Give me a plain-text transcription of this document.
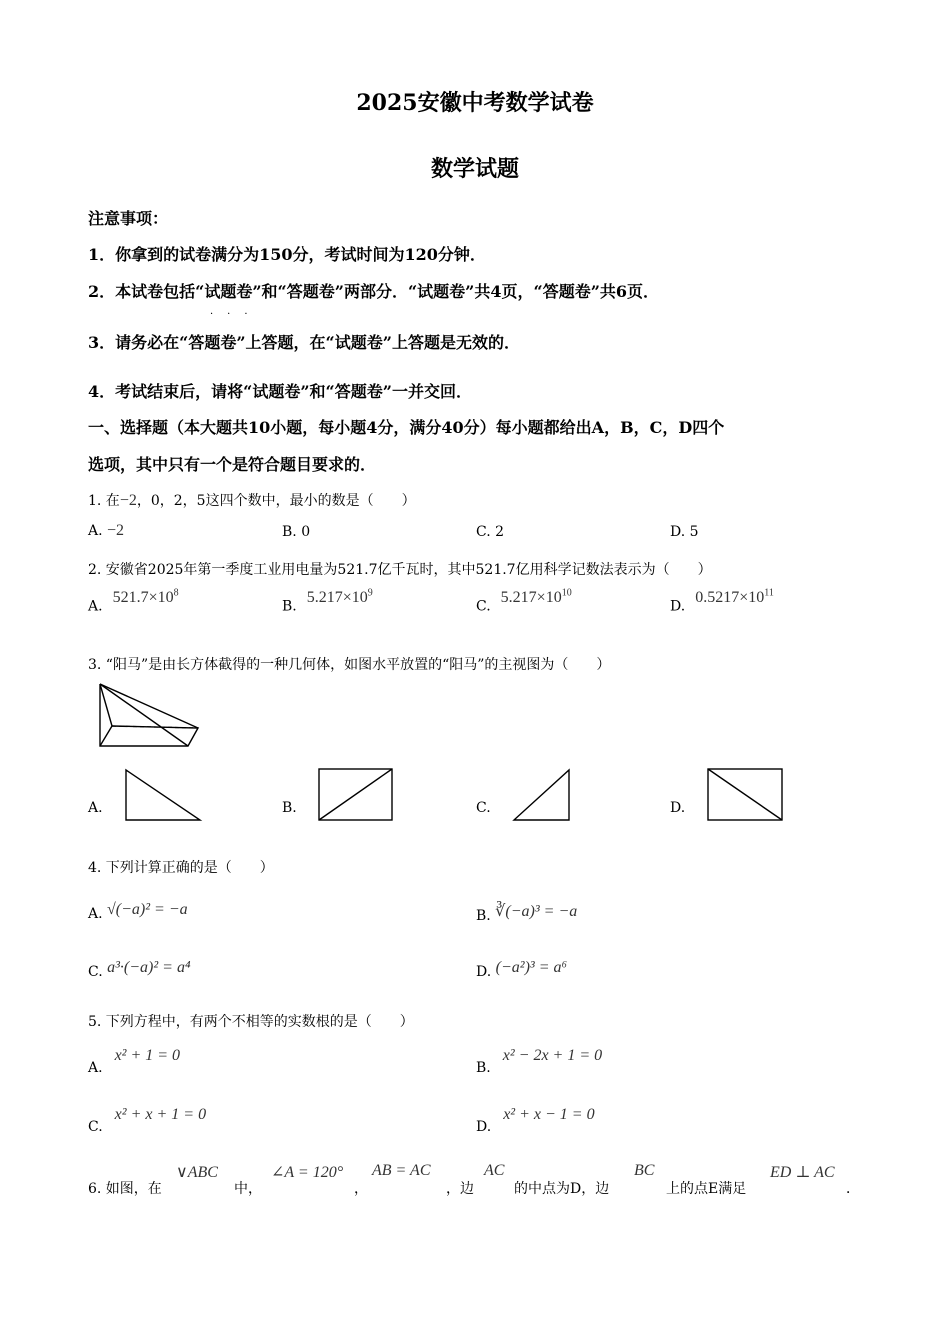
2025安徽中考数学试卷
数学试题
注意事项：
1．你拿到的试卷满分为150分，考试时间为120分钟．
2．本试卷包括“试题卷”和“答题卷”两部分．“试题卷”共4页，“答题卷”共6页．
···
3．请务必在“答题卷”上答题，在“试题卷”上答题是无效的．
4．考试结束后，请将“试题卷”和“答题卷”一并交回．
一、选择题（本大题共10小题，每小题4分，满分40分）每小题都给出A，B，C，D四个
选项，其中只有一个是符合题目要求的．
1. 在−2，0，2，5这四个数中，最小的数是（　　）
A. −2	B. 0	C. 2	D. 5
2. 安徽省2025年第一季度工业用电量为521.7亿千瓦时，其中521.7亿用科学记数法表示为（　　）
A. $521.7\times 10^8$
B. $5.217\times 10^9$
C. $5.217\times 10^{10}$
D. $0.5217\times 10^{11}$
3. “阳马”是由长方体截得的一种几何体，如图水平放置的“阳马”的主视图为（　　）
A.	B.	C.	D.
4. 下列计算正确的是（　　）
A. √(−a)² = −a	B. ∛(−a)³ = −a
C. a³·(−a)² = a⁴	D. (−a²)³ = a⁶
5. 下列方程中，有两个不相等的实数根的是（　　）
A.x² + 1 = 0
B.x² − 2x + 1 = 0
C.x² + x + 1 = 0
D.x² + x − 1 = 0
6. 如图，在
∨ABC
中，
∠A = 120°
，
AB = AC
，边
AC
的中点为D，边
BC
上的点E满足
ED ⊥ AC
．
